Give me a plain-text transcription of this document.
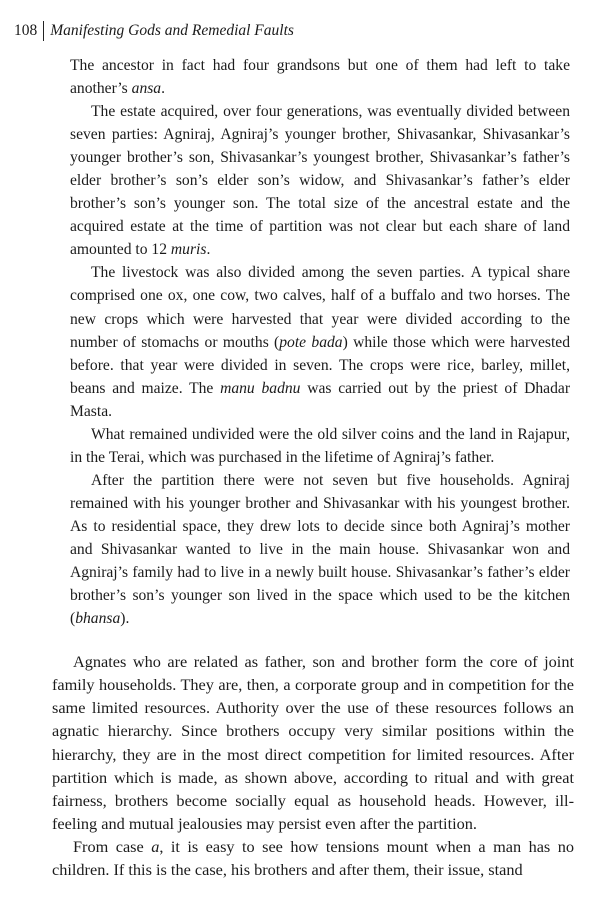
108 Manifesting Gods and Remedial Faults

The ancestor in fact had four grandsons but one of them had left to take another’s ansa.

The estate acquired, over four generations, was eventually divided between seven parties: Agniraj, Agniraj’s younger brother, Shivasankar, Shivasankar’s younger brother’s son, Shivasankar’s youngest brother, Shivasankar’s father’s elder brother’s son’s elder son’s widow, and Shivasankar’s father’s elder brother’s son’s younger son. The total size of the ancestral estate and the acquired estate at the time of partition was not clear but each share of land amounted to 12 muris.

The livestock was also divided among the seven parties. A typical share comprised one ox, one cow, two calves, half of a buffalo and two horses. The new crops which were harvested that year were divided according to the number of stomachs or mouths (pote bada) while those which were harvested before. that year were divided in seven. The crops were rice, barley, millet, beans and maize. The manu badnu was carried out by the priest of Dhadar Masta.

What remained undivided were the old silver coins and the land in Rajapur, in the Terai, which was purchased in the lifetime of Agniraj’s father.

After the partition there were not seven but five households. Agniraj remained with his younger brother and Shivasankar with his youngest brother. As to residential space, they drew lots to decide since both Agniraj’s mother and Shivasankar wanted to live in the main house. Shivasankar won and Agniraj’s family had to live in a newly built house. Shivasankar’s father’s elder brother’s son’s younger son lived in the space which used to be the kitchen (bhansa).

Agnates who are related as father, son and brother form the core of joint family households. They are, then, a corporate group and in competition for the same limited resources. Authority over the use of these resources follows an agnatic hierarchy. Since brothers occupy very similar positions within the hierarchy, they are in the most direct competition for limited resources. After partition which is made, as shown above, according to ritual and with great fairness, brothers become socially equal as household heads. However, ill-feeling and mutual jealousies may persist even after the partition.

From case a, it is easy to see how tensions mount when a man has no children. If this is the case, his brothers and after them, their issue, stand
